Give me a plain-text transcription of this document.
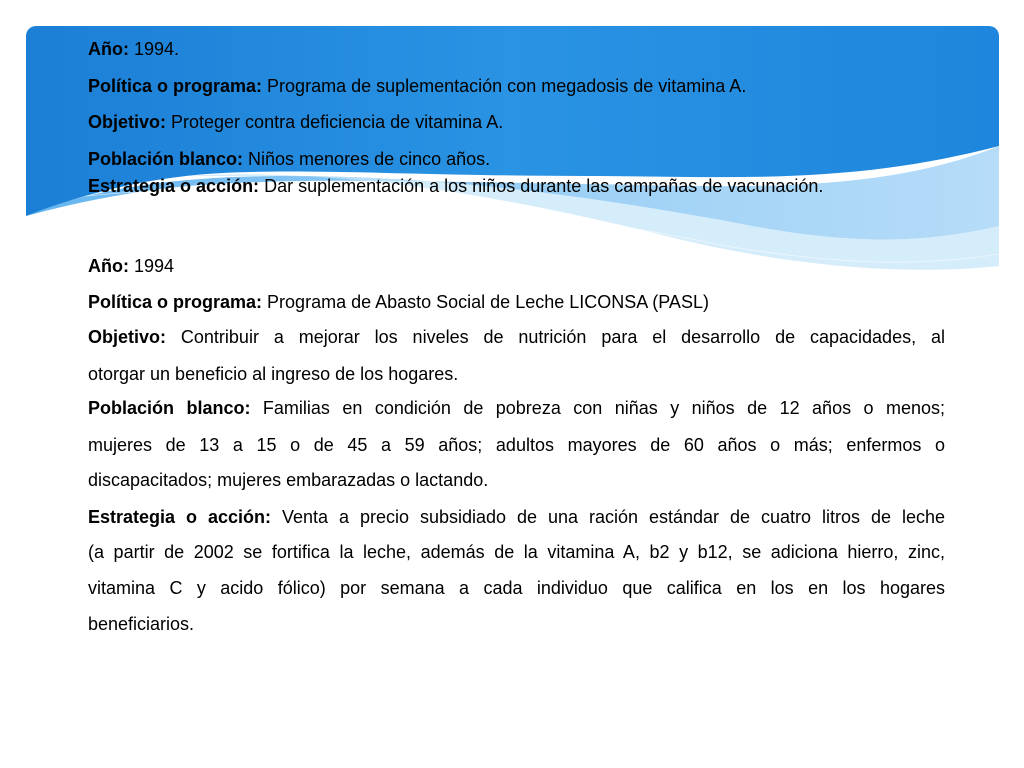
Año: 1994.
Política o programa: Programa de suplementación con megadosis de vitamina A.
Objetivo: Proteger contra deficiencia de vitamina A.
Población blanco: Niños menores de cinco años.
Estrategia o acción: Dar suplementación a los niños durante las campañas de vacunación.
Año: 1994
Política o programa: Programa de Abasto Social de Leche LICONSA (PASL)
Objetivo: Contribuir a mejorar los niveles de nutrición para el desarrollo de capacidades, al
otorgar un beneficio al ingreso de los hogares.
Población blanco: Familias en condición de pobreza con niñas y niños de 12 años o menos;
mujeres de 13 a 15 o de 45 a 59 años; adultos mayores de 60 años o más; enfermos o
discapacitados; mujeres embarazadas o lactando.
Estrategia o acción: Venta a precio subsidiado de una ración estándar de cuatro litros de leche
(a partir de 2002 se fortifica la leche, además de la vitamina A, b2 y b12, se adiciona hierro, zinc,
vitamina C y acido fólico) por semana a cada individuo que califica en los en los hogares
beneficiarios.
